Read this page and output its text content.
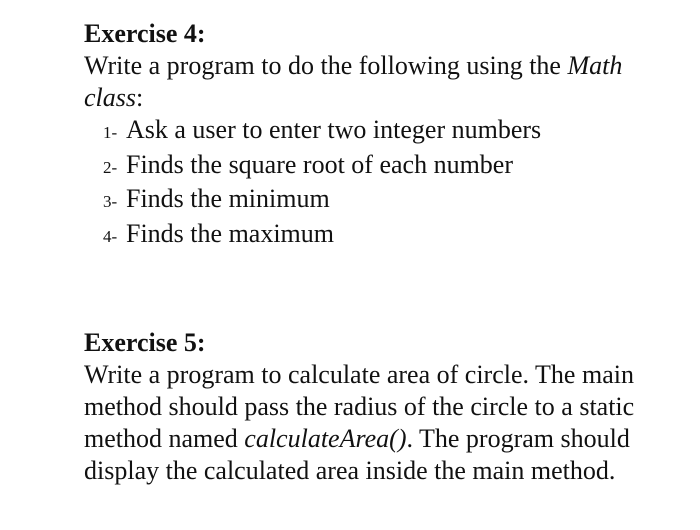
Exercise 4:

Write a program to do the following using the Math class:

1- Ask a user to enter two integer numbers
2- Finds the square root of each number
3- Finds the minimum
4- Finds the maximum

Exercise 5:

Write a program to calculate area of circle. The main method should pass the radius of the circle to a static method named calculateArea(). The program should display the calculated area inside the main method.
